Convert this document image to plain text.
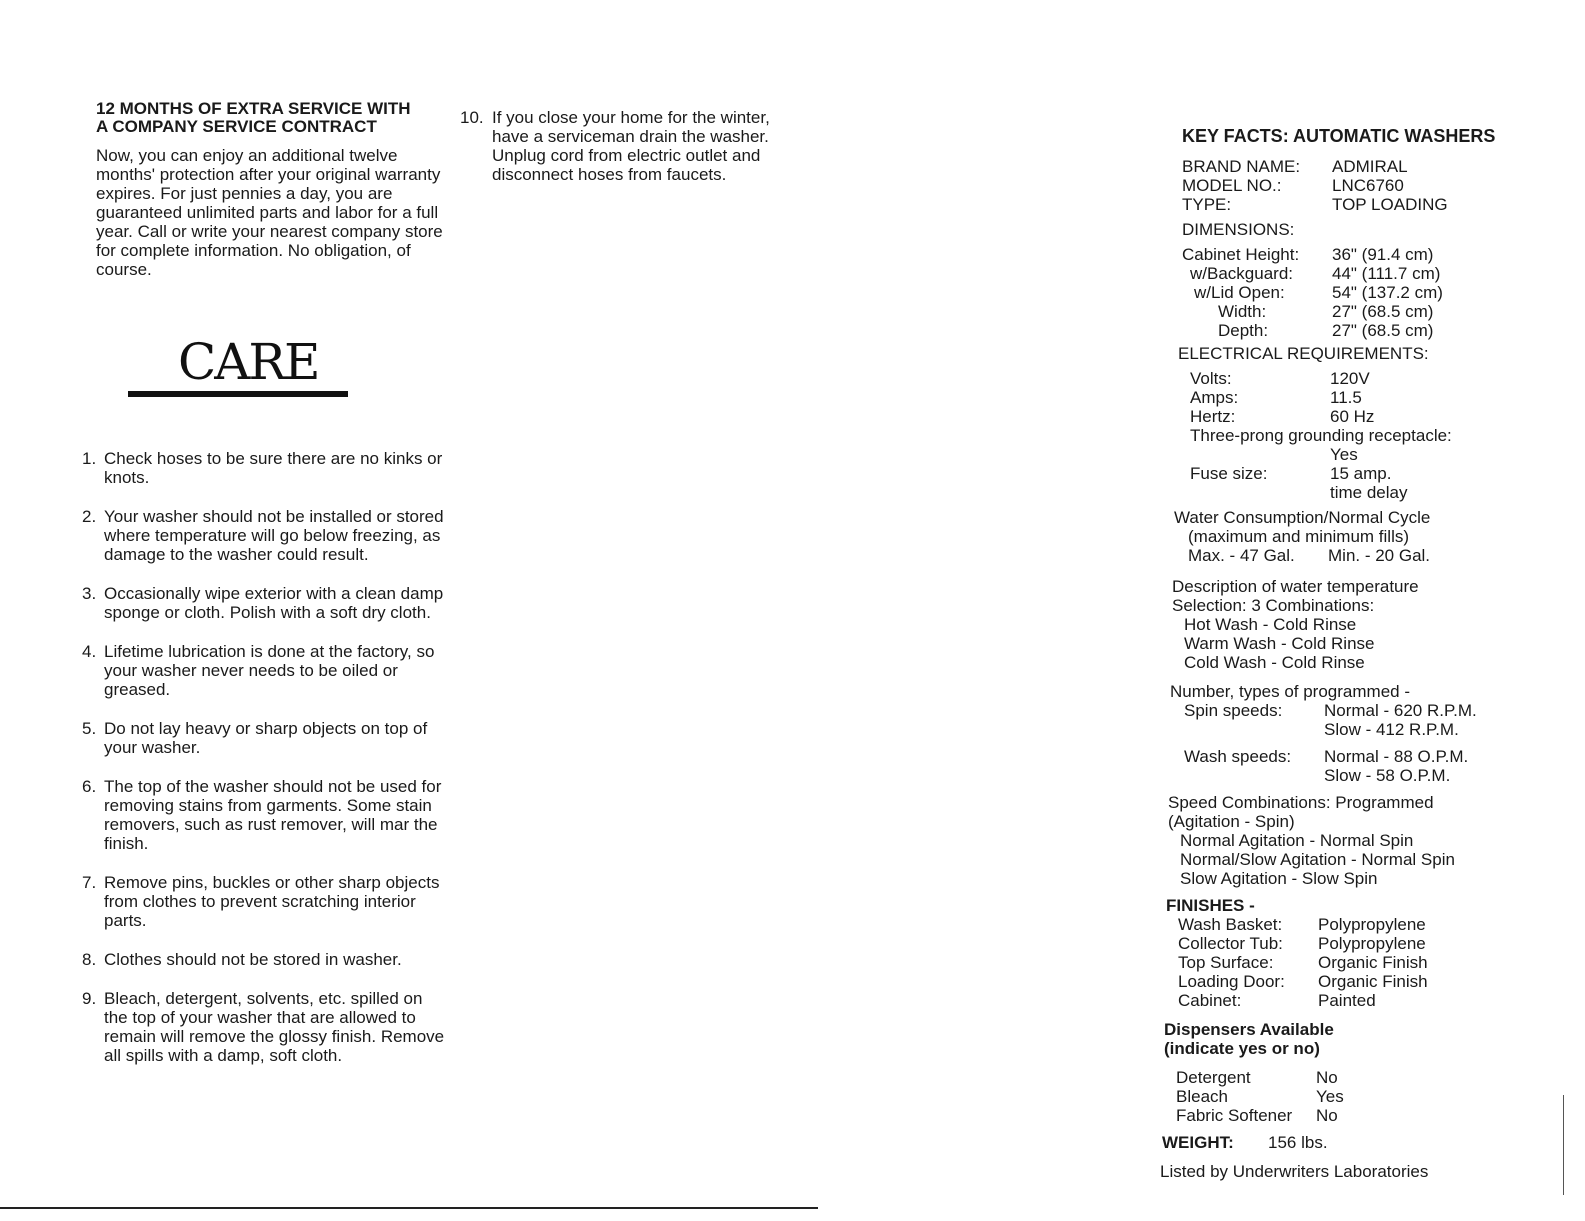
12 MONTHS OF EXTRA SERVICE WITH
A COMPANY SERVICE CONTRACT

Now, you can enjoy an additional twelve months' protection after your original warranty expires. For just pennies a day, you are guaranteed unlimited parts and labor for a full year. Call or write your nearest company store for complete information. No obligation, of course.

CARE
1. Check hoses to be sure there are no kinks or knots.
2. Your washer should not be installed or stored where temperature will go below freezing, as damage to the washer could result.
3. Occasionally wipe exterior with a clean damp sponge or cloth. Polish with a soft dry cloth.
4. Lifetime lubrication is done at the factory, so your washer never needs to be oiled or greased.
5. Do not lay heavy or sharp objects on top of your washer.
6. The top of the washer should not be used for removing stains from garments. Some stain removers, such as rust remover, will mar the finish.
7. Remove pins, buckles or other sharp objects from clothes to prevent scratching interior parts.
8. Clothes should not be stored in washer.
9. Bleach, detergent, solvents, etc. spilled on the top of your washer that are allowed to remain will remove the glossy finish. Remove all spills with a damp, soft cloth.
10. If you close your home for the winter, have a serviceman drain the washer. Unplug cord from electric outlet and disconnect hoses from faucets.
KEY FACTS: AUTOMATIC WASHERS
BRAND NAME:	ADMIRAL
MODEL NO.:	LNC6760
TYPE:	TOP LOADING
DIMENSIONS:
Cabinet Height:	36" (91.4 cm)
w/Backguard:	44" (111.7 cm)
w/Lid Open:	54" (137.2 cm)
Width:	27" (68.5 cm)
Depth:	27" (68.5 cm)
ELECTRICAL REQUIREMENTS:
Volts:	120V
Amps:	11.5
Hertz:	60 Hz
Three-prong grounding receptacle:
Yes
Fuse size:	15 amp.
time delay
Water Consumption/Normal Cycle
(maximum and minimum fills)
Max. - 47 Gal.	Min. - 20 Gal.
Description of water temperature
Selection: 3 Combinations:
Hot Wash - Cold Rinse
Warm Wash - Cold Rinse
Cold Wash - Cold Rinse
Number, types of programmed -
Spin speeds:	Normal - 620 R.P.M.
Slow - 412 R.P.M.
Wash speeds:	Normal - 88 O.P.M.
Slow - 58 O.P.M.
Speed Combinations: Programmed
(Agitation - Spin)
Normal Agitation - Normal Spin
Normal/Slow Agitation - Normal Spin
Slow Agitation - Slow Spin
FINISHES -
Wash Basket:	Polypropylene
Collector Tub:	Polypropylene
Top Surface:	Organic Finish
Loading Door:	Organic Finish
Cabinet:	Painted
Dispensers Available
(indicate yes or no)
Detergent	No
Bleach	Yes
Fabric Softener	No
WEIGHT:	156 lbs.
Listed by Underwriters Laboratories
